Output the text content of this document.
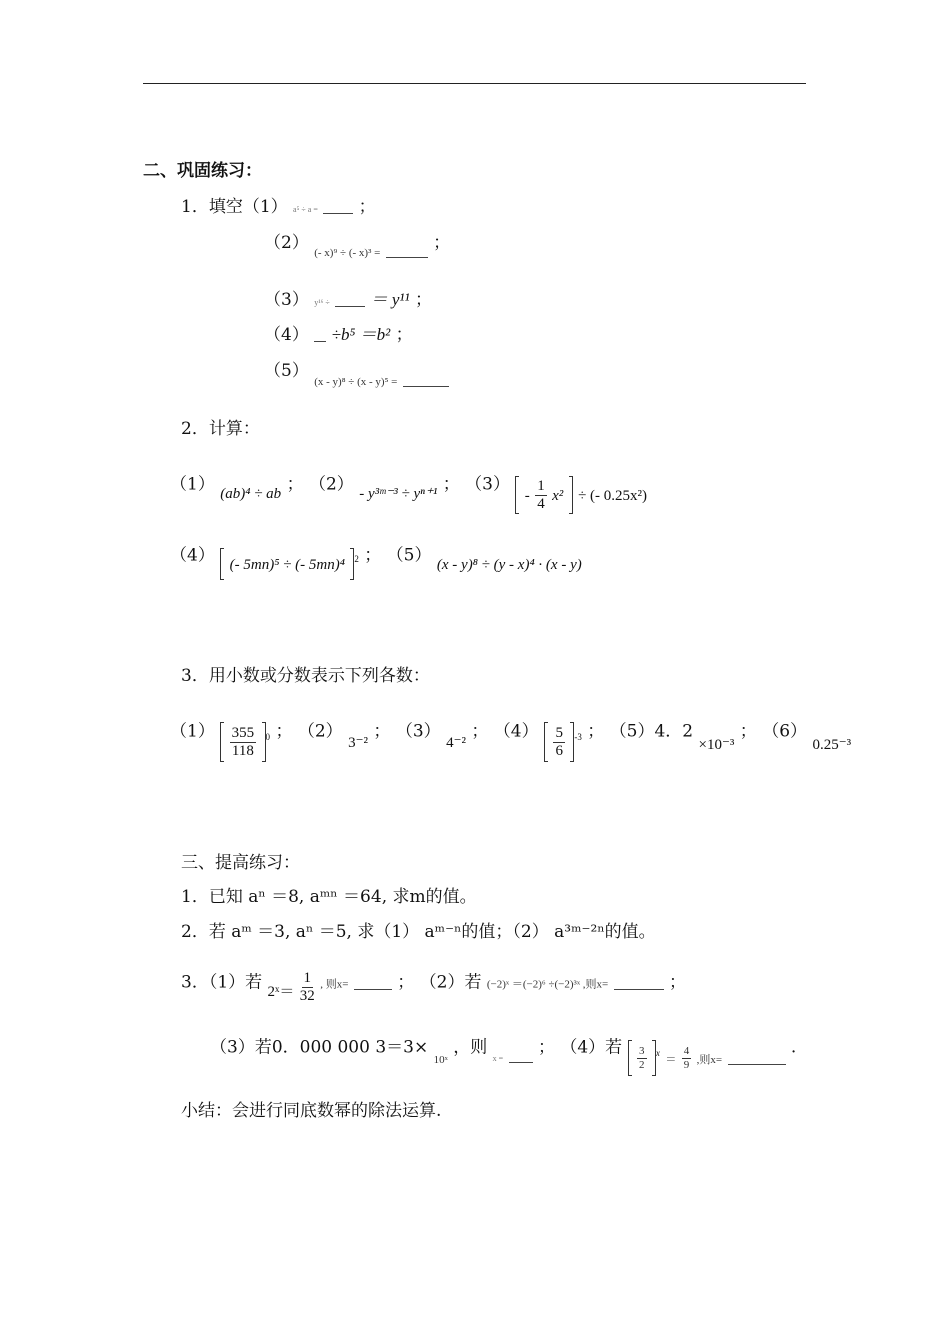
二、巩固练习：
1．填空（1） a⁵ ÷ a = ；
（2） $_{(- x)^9 \div (- x)^3 =}$	；
（3） y¹⁶ ÷ ＝ y¹¹ ；
（4） ÷b⁵ ＝b² ；
（5） $_{(x - y)^8 \div (x - y)^5 =}$
2．计算：
（1） (ab)⁴ ÷ ab ； （2） - y³ᵐ⁻³ ÷ yⁿ⁺¹ ； $(3) - \frac{1}{4} x^2$ ÷ (- 0.25x²)
（4） (- 5mn)⁵ ÷ (- 5mn)⁴ $^2$ ； （5） (x - y)⁸ ÷ (y - x)⁴ · (x - y)
3．用小数或分数表示下列各数：
$(1) \frac{355}{118} ^0$ ； （2） 3⁻² ； （3） 4⁻² ； $(4) \frac{5}{6} ^{-3}$ ； （5）4．2 ×10⁻³ ； （6） 0.25⁻³
三、提高练习：
1．已知 aⁿ ＝8, aᵐⁿ ＝64, 求m的值。
2．若 aᵐ ＝3, aⁿ ＝5, 求（1） aᵐ⁻ⁿ的值；（2） a³ᵐ⁻²ⁿ的值。
3．（1）若 2ˣ＝ $\frac{1}{32}$ , 则x=	； （2）若 (−2)ˣ ＝(−2)⁶ ÷(−2)³ˣ ,则x=	；
（3）若0．000 000 3＝3× $_{10ˣ}$ ，则 $_{x =}$  ； （4）若 $\frac{3}{2} ^x = \frac{4}{9}$ ,则x=  .
小结：会进行同底数幂的除法运算.
